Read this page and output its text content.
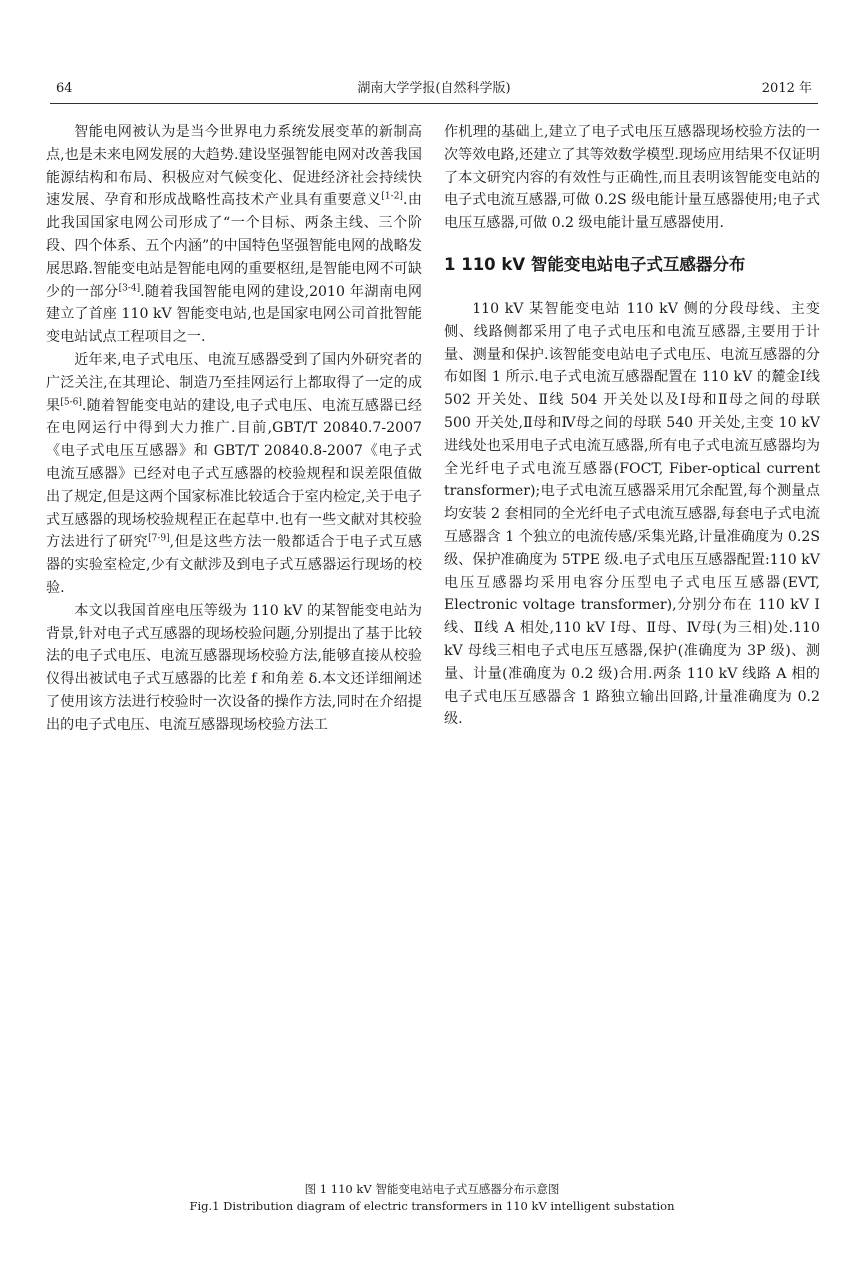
64	湖南大学学报(自然科学版)	2012 年

智能电网被认为是当今世界电力系统发展变革的新制高点,也是未来电网发展的大趋势.建设坚强智能电网对改善我国能源结构和布局、积极应对气候变化、促进经济社会持续快速发展、孕育和形成战略性高技术产业具有重要意义[1-2].由此我国国家电网公司形成了“一个目标、两条主线、三个阶段、四个体系、五个内涵”的中国特色坚强智能电网的战略发展思路.智能变电站是智能电网的重要枢纽,是智能电网不可缺少的一部分[3-4].随着我国智能电网的建设,2010 年湖南电网建立了首座 110 kV 智能变电站,也是国家电网公司首批智能变电站试点工程项目之一.

近年来,电子式电压、电流互感器受到了国内外研究者的广泛关注,在其理论、制造乃至挂网运行上都取得了一定的成果[5-6].随着智能变电站的建设,电子式电压、电流互感器已经在电网运行中得到大力推广.目前,GBT/T 20840.7-2007《电子式电压互感器》和 GBT/T 20840.8-2007《电子式电流互感器》已经对电子式互感器的校验规程和误差限值做出了规定,但是这两个国家标准比较适合于室内检定,关于电子式互感器的现场校验规程正在起草中.也有一些文献对其校验方法进行了研究[7-9],但是这些方法一般都适合于电子式互感器的实验室检定,少有文献涉及到电子式互感器运行现场的校验.

本文以我国首座电压等级为 110 kV 的某智能变电站为背景,针对电子式互感器的现场校验问题,分别提出了基于比较法的电子式电压、电流互感器现场校验方法,能够直接从校验仪得出被试电子式互感器的比差 f 和角差 δ.本文还详细阐述了使用该方法进行校验时一次设备的操作方法,同时在介绍提出的电子式电压、电流互感器现场校验方法工

作机理的基础上,建立了电子式电压互感器现场校验方法的一次等效电路,还建立了其等效数学模型.现场应用结果不仅证明了本文研究内容的有效性与正确性,而且表明该智能变电站的电子式电流互感器,可做 0.2S 级电能计量互感器使用;电子式电压互感器,可做 0.2 级电能计量互感器使用.

1 110 kV 智能变电站电子式互感器分布

110 kV 某智能变电站 110 kV 侧的分段母线、主变侧、线路侧都采用了电子式电压和电流互感器,主要用于计量、测量和保护.该智能变电站电子式电压、电流互感器的分布如图 1 所示.电子式电流互感器配置在 110 kV 的麓金Ⅰ线 502 开关处、Ⅱ线 504 开关处以及Ⅰ母和Ⅱ母之间的母联 500 开关处,Ⅱ母和Ⅳ母之间的母联 540 开关处,主变 10 kV 进线处也采用电子式电流互感器,所有电子式电流互感器均为全光纤电子式电流互感器(FOCT, Fiber-optical current transformer);电子式电流互感器采用冗余配置,每个测量点均安装 2 套相同的全光纤电子式电流互感器,每套电子式电流互感器含 1 个独立的电流传感/采集光路,计量准确度为 0.2S 级、保护准确度为 5TPE 级.电子式电压互感器配置:110 kV 电压互感器均采用电容分压型电子式电压互感器(EVT, Electronic voltage transformer),分别分布在 110 kV Ⅰ线、Ⅱ线 A 相处,110 kV Ⅰ母、Ⅱ母、Ⅳ母(为三相)处.110 kV 母线三相电子式电压互感器,保护(准确度为 3P 级)、测量、计量(准确度为 0.2 级)合用.两条 110 kV 线路 A 相的电子式电压互感器含 1 路独立输出回路,计量准确度为 0.2级.

图 1 110 kV 智能变电站电子式互感器分布示意图
Fig.1 Distribution diagram of electric transformers in 110 kV intelligent substation
